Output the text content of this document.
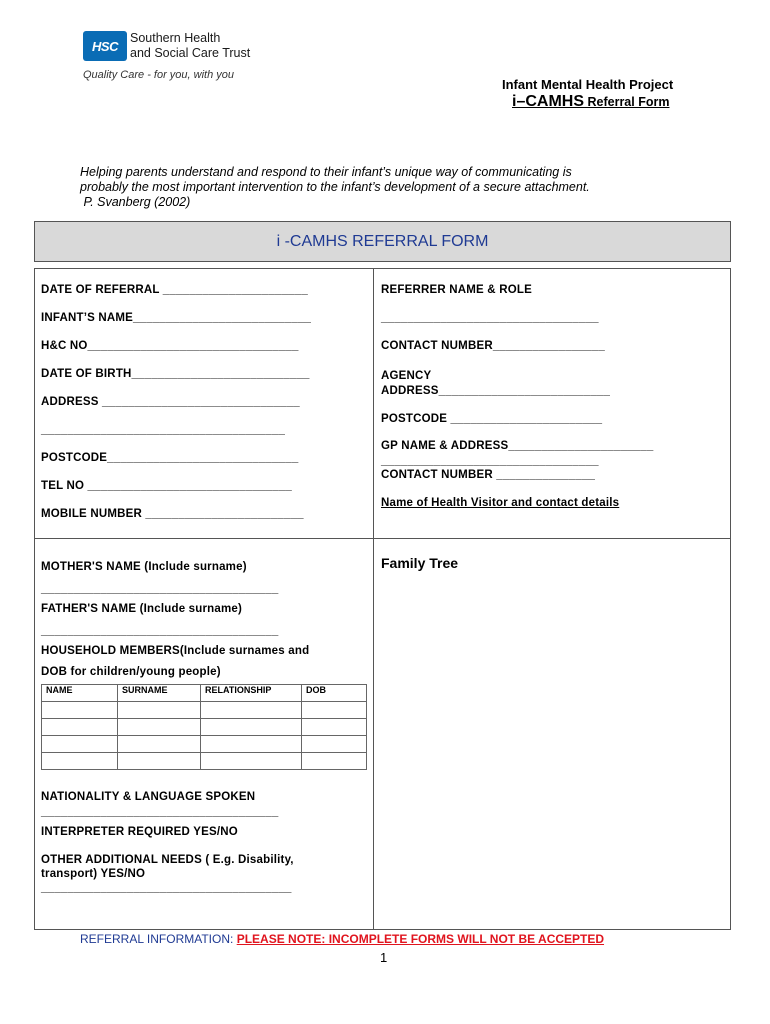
HSC
Southern Health
and Social Care Trust
Quality Care - for you, with you
Infant Mental Health Project
i–CAMHS Referral Form
Helping parents understand and respond to their infant’s unique way of communicating is
probably the most important intervention to the infant’s development of a secure attachment.
P. Svanberg (2002)
i -CAMHS REFERRAL FORM
DATE OF REFERRAL ______________________
INFANT’S NAME___________________________
H&C NO________________________________
DATE OF BIRTH___________________________
ADDRESS ______________________________
_____________________________________
POSTCODE_____________________________
TEL NO _______________________________
MOBILE NUMBER ________________________
REFERRER NAME & ROLE
_________________________________
CONTACT NUMBER_________________
AGENCY
ADDRESS__________________________
POSTCODE _______________________
GP NAME & ADDRESS______________________
_________________________________
CONTACT NUMBER _______________
Name of Health Visitor and contact details
Family Tree
MOTHER'S NAME (Include surname)
____________________________________
FATHER'S NAME (Include surname)
____________________________________
HOUSEHOLD MEMBERS(Include surnames and
DOB for children/young people)
NAME	SURNAME	RELATIONSHIP	DOB

NATIONALITY & LANGUAGE SPOKEN
____________________________________
INTERPRETER REQUIRED YES/NO
OTHER ADDITIONAL NEEDS ( E.g. Disability,
transport) YES/NO
______________________________________
REFERRAL INFORMATION: PLEASE NOTE: INCOMPLETE FORMS WILL NOT BE ACCEPTED
1
